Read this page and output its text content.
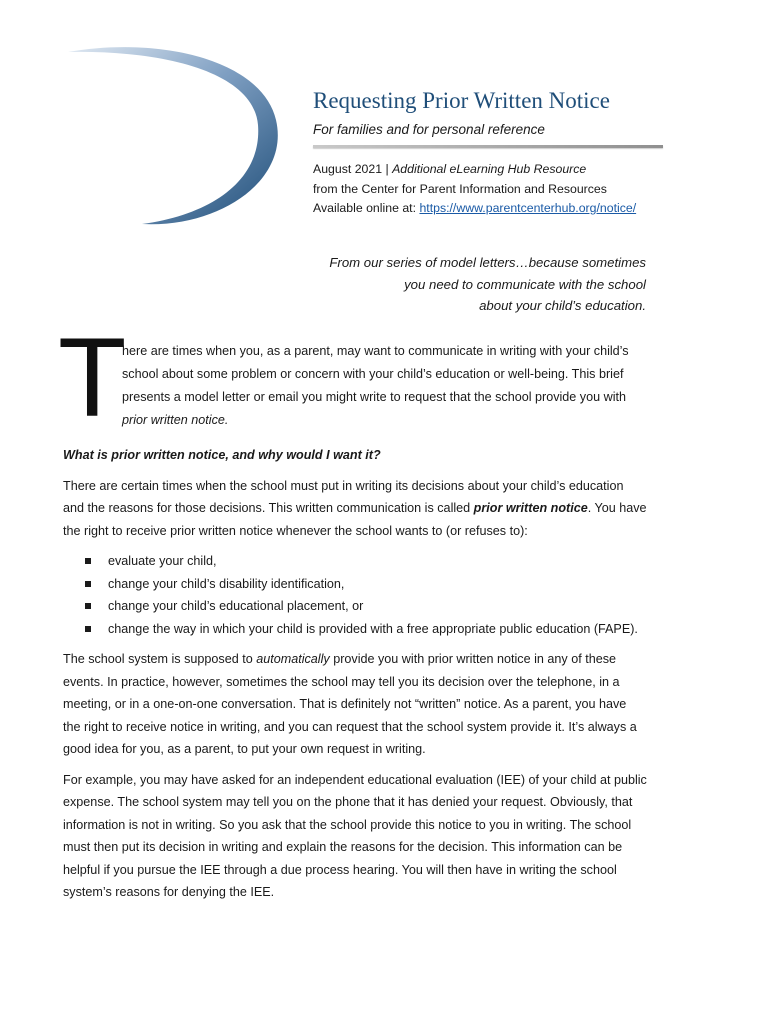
Requesting Prior Written Notice
For families and for personal reference
August 2021 | Additional eLearning Hub Resource
from the Center for Parent Information and Resources
Available online at: https://www.parentcenterhub.org/notice/
From our series of model letters…because sometimes
you need to communicate with the school
about your child’s education.
T

here are times when you, as a parent, may want to communicate in writing with your child’s
school about some problem or concern with your child’s education or well-being. This brief
presents a model letter or email you might write to request that the school provide you with
prior written notice.

What is prior written notice, and why would I want it?

There are certain times when the school must put in writing its decisions about your child’s education
and the reasons for those decisions. This written communication is called prior written notice. You have
the right to receive prior written notice whenever the school wants to (or refuses to):

evaluate your child,
change your child’s disability identification,
change your child’s educational placement, or
change the way in which your child is provided with a free appropriate public education (FAPE).

The school system is supposed to automatically provide you with prior written notice in any of these
events. In practice, however, sometimes the school may tell you its decision over the telephone, in a
meeting, or in a one-on-one conversation. That is definitely not “written” notice. As a parent, you have
the right to receive notice in writing, and you can request that the school system provide it. It’s always a
good idea for you, as a parent, to put your own request in writing.

For example, you may have asked for an independent educational evaluation (IEE) of your child at public
expense. The school system may tell you on the phone that it has denied your request. Obviously, that
information is not in writing. So you ask that the school provide this notice to you in writing. The school
must then put its decision in writing and explain the reasons for the decision. This information can be
helpful if you pursue the IEE through a due process hearing. You will then have in writing the school
system’s reasons for denying the IEE.
